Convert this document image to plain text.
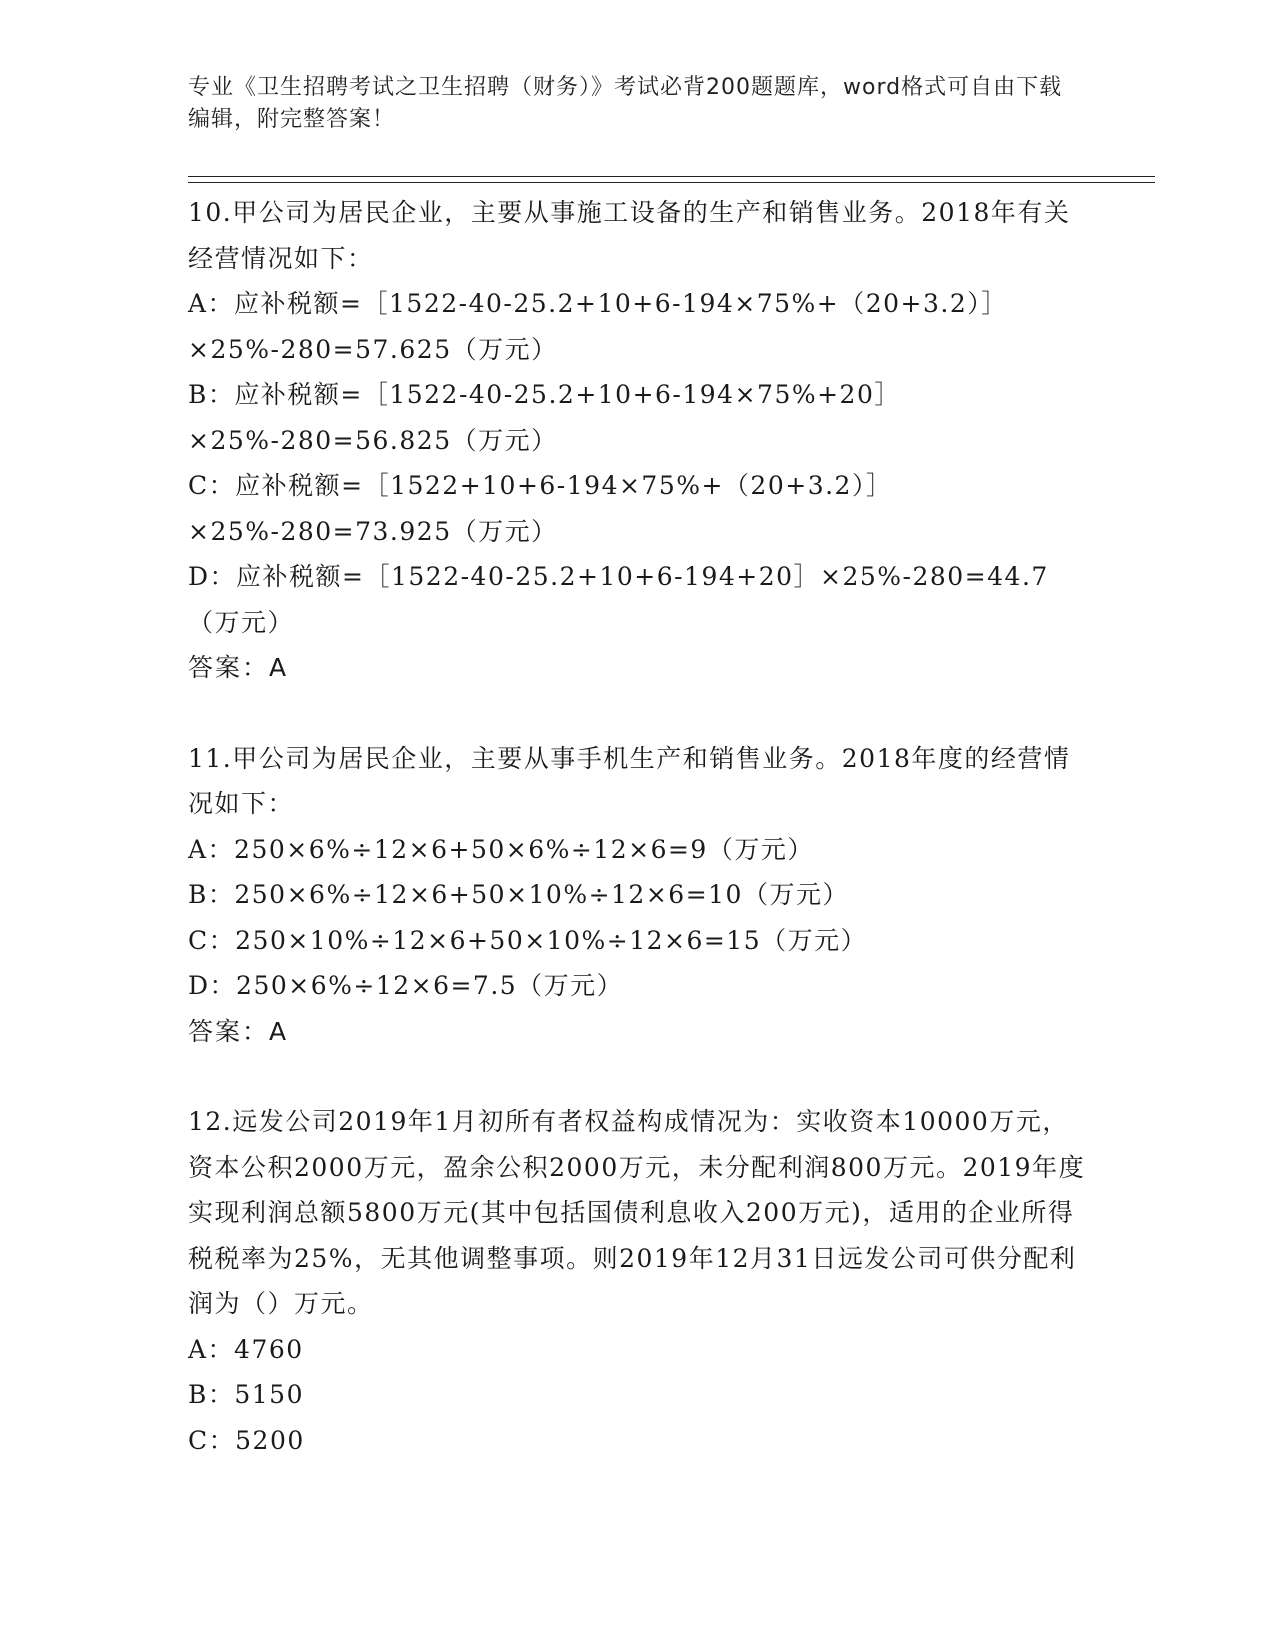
专业《卫生招聘考试之卫生招聘（财务）》考试必背200题题库，word格式可自由下载编辑，附完整答案！

10.甲公司为居民企业，主要从事施工设备的生产和销售业务。2018年有关经营情况如下：

A：应补税额=［1522-40-25.2+10+6-194×75%+（20+3.2）］×25%-280=57.625（万元）

B：应补税额=［1522-40-25.2+10+6-194×75%+20］×25%-280=56.825（万元）

C：应补税额=［1522+10+6-194×75%+（20+3.2）］×25%-280=73.925（万元）

D：应补税额=［1522-40-25.2+10+6-194+20］×25%-280=44.7（万元）

答案：A

11.甲公司为居民企业，主要从事手机生产和销售业务。2018年度的经营情况如下：

A：250×6%÷12×6+50×6%÷12×6=9（万元）

B：250×6%÷12×6+50×10%÷12×6=10（万元）

C：250×10%÷12×6+50×10%÷12×6=15（万元）

D：250×6%÷12×6=7.5（万元）

答案：A

12.远发公司2019年1月初所有者权益构成情况为：实收资本10000万元，资本公积2000万元，盈余公积2000万元，未分配利润800万元。2019年度实现利润总额5800万元(其中包括国债利息收入200万元)，适用的企业所得税税率为25%，无其他调整事项。则2019年12月31日远发公司可供分配利润为（）万元。

A：4760

B：5150

C：5200
